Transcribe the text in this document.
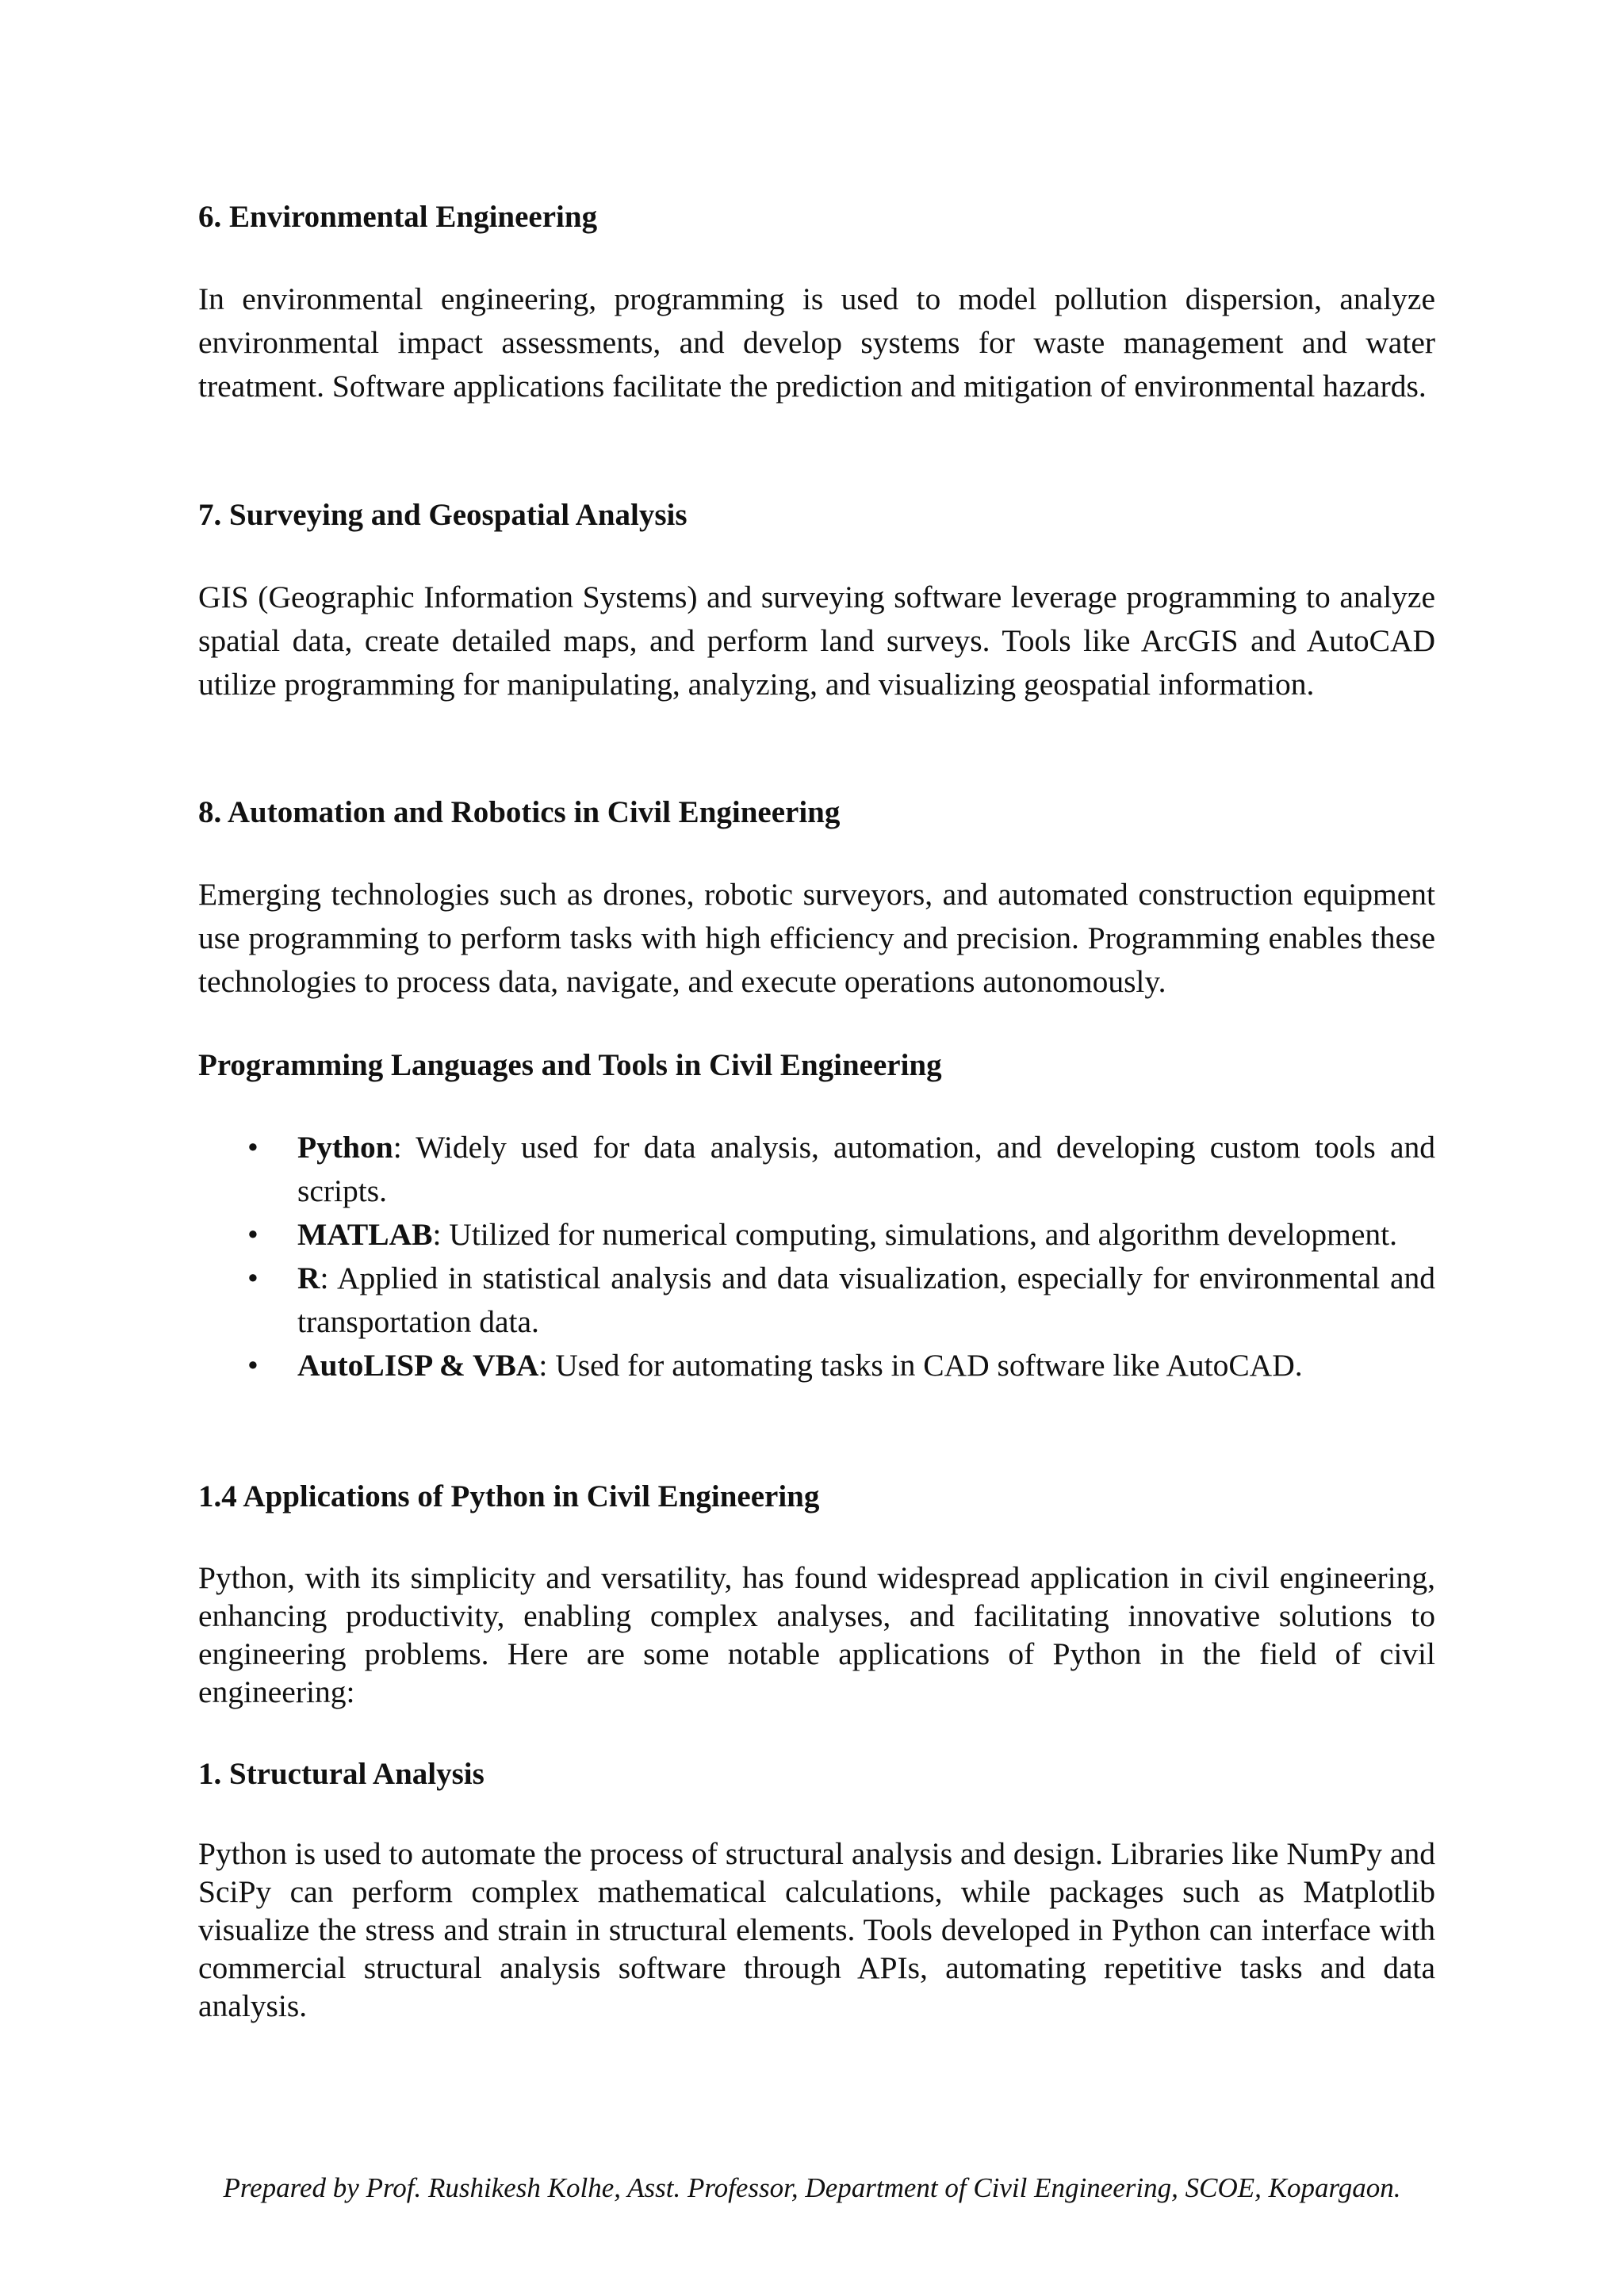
6. Environmental Engineering

In environmental engineering, programming is used to model pollution dispersion, analyze environmental impact assessments, and develop systems for waste management and water treatment. Software applications facilitate the prediction and mitigation of environmental hazards.

7. Surveying and Geospatial Analysis

GIS (Geographic Information Systems) and surveying software leverage programming to analyze spatial data, create detailed maps, and perform land surveys. Tools like ArcGIS and AutoCAD utilize programming for manipulating, analyzing, and visualizing geospatial information.

8. Automation and Robotics in Civil Engineering

Emerging technologies such as drones, robotic surveyors, and automated construction equipment use programming to perform tasks with high efficiency and precision. Programming enables these technologies to process data, navigate, and execute operations autonomously.

Programming Languages and Tools in Civil Engineering
• Python: Widely used for data analysis, automation, and developing custom tools and scripts.
• MATLAB: Utilized for numerical computing, simulations, and algorithm development.
• R: Applied in statistical analysis and data visualization, especially for environmental and transportation data.
• AutoLISP & VBA: Used for automating tasks in CAD software like AutoCAD.
1.4 Applications of Python in Civil Engineering

Python, with its simplicity and versatility, has found widespread application in civil engineering, enhancing productivity, enabling complex analyses, and facilitating innovative solutions to engineering problems. Here are some notable applications of Python in the field of civil engineering:

1. Structural Analysis

Python is used to automate the process of structural analysis and design. Libraries like NumPy and SciPy can perform complex mathematical calculations, while packages such as Matplotlib visualize the stress and strain in structural elements. Tools developed in Python can interface with commercial structural analysis software through APIs, automating repetitive tasks and data analysis.

Prepared by Prof. Rushikesh Kolhe, Asst. Professor, Department of Civil Engineering, SCOE, Kopargaon.
